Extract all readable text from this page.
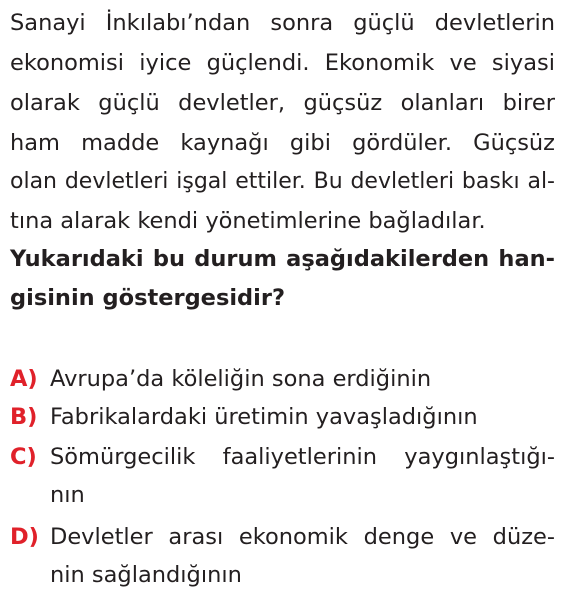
Sanayi İnkılabı’ndan sonra güçlü devletlerin
ekonomisi iyice güçlendi. Ekonomik ve siyasi
olarak güçlü devletler, güçsüz olanları birer
ham madde kaynağı gibi gördüler. Güçsüz
olan devletleri işgal ettiler. Bu devletleri baskı al-
tına alarak kendi yönetimlerine bağladılar.
Yukarıdaki bu durum aşağıdakilerden han-
gisinin göstergesidir?
A) Avrupa’da köleliğin sona erdiğinin
B) Fabrikalardaki üretimin yavaşladığının
C) Sömürgecilik faaliyetlerinin yaygınlaştığı-
nın
D) Devletler arası ekonomik denge ve düze-
nin sağlandığının
